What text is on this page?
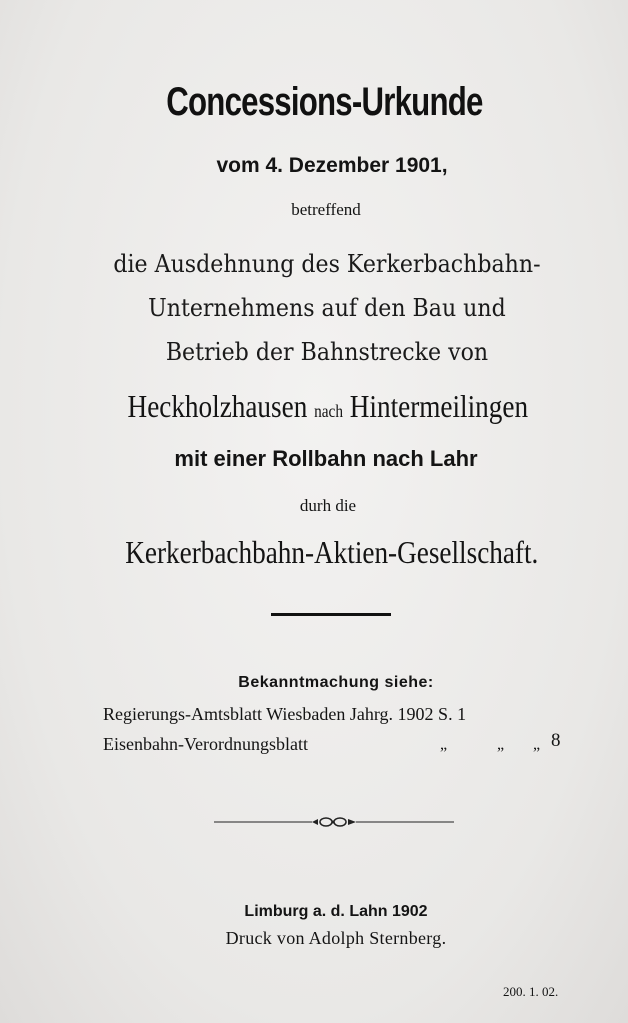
Concessions-Urkunde
vom 4. Dezember 1901,
betreffend
die Ausdehnung des Kerkerbachbahn-
Unternehmens auf den Bau und
Betrieb der Bahnstrecke von
Heckholzhausen nach Hintermeilingen
mit einer Rollbahn nach Lahr
durh die
Kerkerbachbahn-Aktien-Gesellschaft.
Bekanntmachung siehe:
Regierungs-Amtsblatt Wiesbaden Jahrg. 1902 S. 1
Eisenbahn-Verordnungsblatt	„	„ „ 8
Limburg a. d. Lahn 1902
Druck von Adolph Sternberg.
200. 1. 02.
